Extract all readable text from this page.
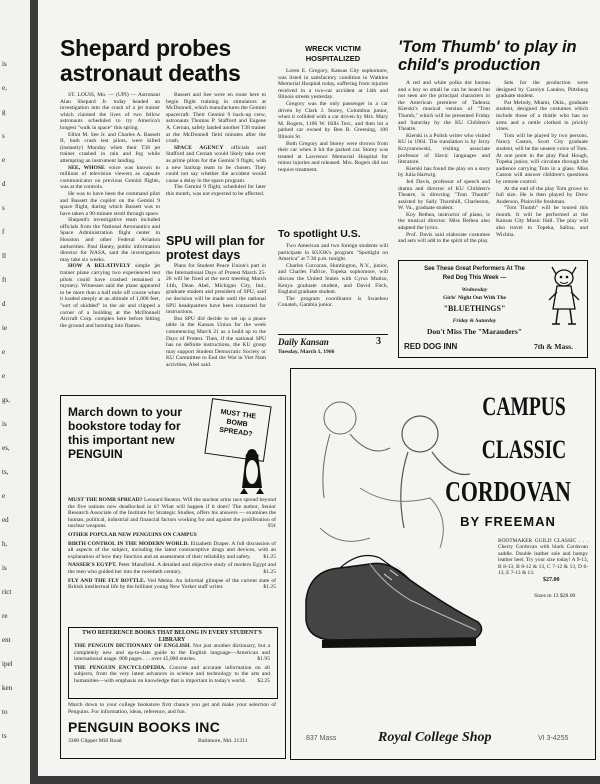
is
e,
g
s
e
d
s
f
ll
ft
d
ie
e
e
gs,
is
es,
ts,
e
ed
h,
is
rict
re
ent
ipel
ken
to
ts
Shepard probes astronaut deaths

ST. LOUIS, Mo. — (UPI) — Astronaut Alan Shepard Jr. today headed an investigation into the crash of a jet trainer which claimed the lives of two fellow astronauts scheduled to try America's longest "walk in space" this spring.

Elliot M. See Jr. and Charles A. Bassett II, both crash test pilots, were killed (instantly) Monday when their T38 jet trainer crashed in rain and fog while attempting an instrument landing.

SEE, WHOSE voice was known to millions of television viewers as capsule communicator on previous Gemini flights, was at the controls.

He was to have been the command pilot and Bassett the copilot on the Gemini 9 space flight, during which Bassett was to have taken a 90-minute stroll through space.

Shepard's investigative team included officials from the National Aeronautics and Space Administration flight center in Houston and other Federal Aviation authorities. Paul Haney, public information director for NASA, said the investigation may take six weeks.

HOW A RELATIVELY simple jet trainer plane carrying two experienced test pilots could have crashed remained a mystery. Witnesses said the plane appeared to be more than a half mile off course when it loaded steeply at an altitude of 1,000 feet, "sort of skidded" in the air and clipped a corner of a building at the McDonnell Aircraft Corp. complex here before hitting the ground and bursting into flames.

Bassett and See were en route here to begin flight training in simulators at McDonnell, which manufactures the Gemini spacecraft. Their Gemini 9 back-up crew, astronauts Thomas P. Stafford and Eugene A. Cernan, safely landed another T38 trainer at the McDonnell field minutes after the crash.

SPACE AGENCY officials said Stafford and Cernan would likely take over as prime pilots for the Gemini 9 flight, with a new backup team to be chosen. They could not say whether the accident would cause a delay in the space program.

The Gemini 9 flight, scheduled for later this month, was not expected to be affected.

SPU will plan for protest days

Plans for Student Peace Union's part in the International Days of Protest March 25-26 will be fixed at the next meeting March 14th, Dean Abel, Michigan City, Ind., graduate student and president of SPU, said no decision will be made until the national SPU headquarters have been contacted for instructions.

But SPU did decide to set up a peace table in the Kansas Union for the week commencing March 21 as a build up to the Days of Protest. Then, if the national SPU has no definite instructions, the KU group may support Student Democratic Society or KU Committee to End the War in Viet Nam activities, Abel said.

WRECK VICTIM
HOSPITALIZED

Loren E. Gregory, Kansas City sophomore, was listed in satisfactory condition in Watkins Memorial Hospital today, suffering from injuries received in a two-car accident at 14th and Illinois streets yesterday.

Gregory was the only passenger in a car driven by Clark J. Storey, Columbus junior, when it collided with a car driven by Mrs. Mary M. Rogers, 1106 W. Hills Terr., and then hit a parked car owned by Ben R. Greening, 106 Illinois St.

Both Gregory and Storey were thrown from their car when it hit the parked car. Storey was treated at Lawrence Memorial Hospital for minor injuries and released. Mrs. Rogers did not require treatment.

To spotlight U.S.

Two American and two foreign students will participate in KUOK's program "Spotlight on America" at 7:30 p.m. tonight.

Charles Corcoran, Huntington, N.Y., junior, and Charles Fafrice, Topeka sophomore, will discuss the United States with Cyrus Mutiso, Kenya graduate student, and David Fitch, England graduate student.

The program coordinator is Swaebou Conateh, Gambia junior.

Daily Kansan	3
Tuesday, March 1, 1966
'Tom Thumb' to play in child's production

A red and white polka dot bureau and a boy so small he can be heard but not seen are the principal characters in the American premiere of Tadeusz Kierski's musical version of "Tom Thumb," which will be presented Friday and Saturday by the KU Children's Theatre.

Kierski is a Polish writer who visited KU in 1964. The translation is by Jerzy Krzyzanowski, visiting associate professor of Slavic languages and literature.

Kierski has found the play on a story by Julia Hartwig.

Jed Davis, professor of speech and drama and director of KU Children's Theatre, is directing "Tom Thumb" assisted by Sally Thornhill, Charleston, W. Va., graduate student.

Koy Bethea, instructor of piano, is the musical director. Miss Bethea also adapted the lyrics.

Prof. Davis said elaborate costumes and sets will add to the spirit of the play.

Sets for the production were designed by Carolyn Landon, Pittsburg graduate student.

Pat Melody, Miami, Okla., graduate student, designed the costumes which include those of a thistle who has no arms and a nettle clothed in prickly vines.

Tom will be played by two persons, Nancy Caston, Scott City graduate student, will be the unseen voice of Tom. At one point in the play Paul Hough, Topeka junior, will circulate through the audience carrying Tom in a glass. Miss Caston will answer children's questions by remote control.

At the end of the play Tom grows to full size. He is then played by Drew Anderson, Plainville freshman.

"Tom Thumb" will be toured this month. It will be performed at the Kansas City Music Hall. The play will also travel to Topeka, Salina, and Wichita.

See These Great Performers At The
Red Dog This Week —
Wednesday
Girls' Night Out With The
"BLUETHINGS"
Friday & Saturday
Don't Miss The "Marauders"
RED DOG INN	7th & Mass.
March down to your bookstore today for this important new PENGUIN
MUST THE BOMB SPREAD?

MUST THE BOMB SPREAD? Leonard Beaton. Will the nuclear arms race spread beyond the five nations now deadlocked in it? What will happen if it does? The author, Senior Research Associate of the Institute for Strategic Studies, offers his answers — examines the human, political, industrial and financial factors working for and against the proliferation of nuclear weapons.	95¢

OTHER POPULAR NEW PENGUINS ON CAMPUS

BIRTH CONTROL IN THE MODERN WORLD. Elizabeth Draper. A full discussion of all aspects of the subject, including the latest contraceptive drugs and devices, with an explanation of how they function and an assessment of their reliability and safety. $1.25

NASSER'S EGYPT. Peter Mansfield. A detailed and objective study of modern Egypt and the men who guided her into the twentieth century.	$1.25

FLY AND THE FLY BOTTLE. Ved Mehta. An informal glimpse of the current state of British intellectual life by the brilliant young New Yorker staff writer.	$1.25

TWO REFERENCE BOOKS THAT BELONG IN EVERY STUDENT'S LIBRARY

THE PENGUIN DICTIONARY OF ENGLISH. Not just another dictionary, but a completely new and up-to-date guide to the English language—American and international usage. 800 pages . . . over 45,000 entries.	$1.95

THE PENGUIN ENCYCLOPEDIA. Concise and accurate information on all subjects, from the very latest advances in science and technology to the arts and humanities—with emphasis on knowledge that is important in today's world. $2.25

March down to your college bookstore first chance you get and make your selection of Penguins. For information, ideas, reference, and fun.
PENGUIN BOOKS INC
3300 Clipper Mill Road	Baltimore, Md. 21211
CAMPUS
CLASSIC
CORDOVAN
BY FREEMAN
BOOTMAKER GUILD CLASSIC . . . Cherry Cordovan with black Cordovan saddle. Double leather sole and bumpy leather heel. Try your size today! A 9-13, B 8-13, B 8-12 & 13, C 7-12 & 13, D 6-13, E 7-13 & 13.
$27.00
Sizes to 13 $28.00
837 Mass	Royal College Shop	VI 3-4255
